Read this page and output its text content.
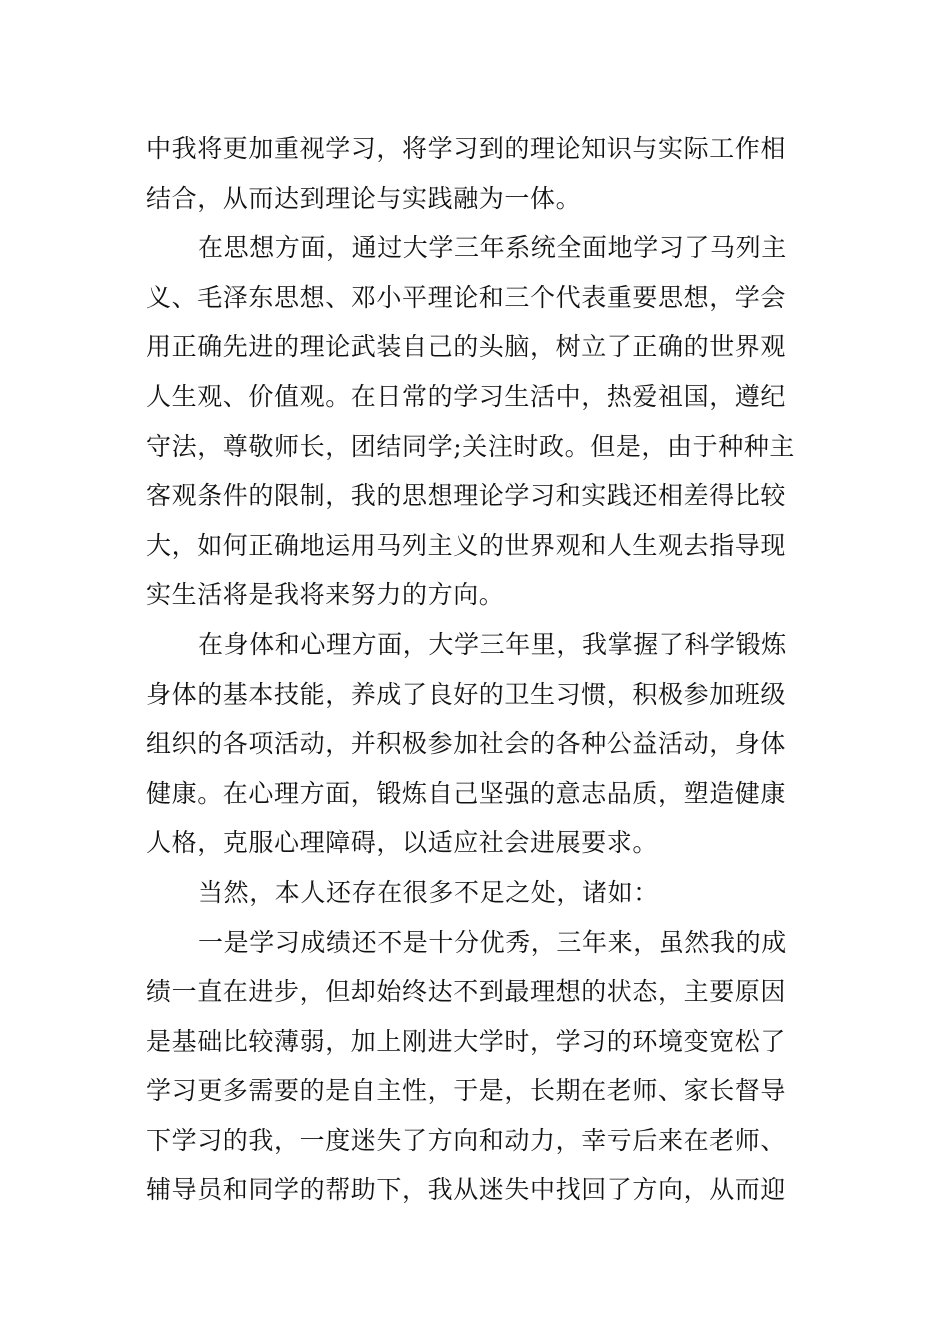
中我将更加重视学习，将学习到的理论知识与实际工作相
结合，从而达到理论与实践融为一体。
在思想方面，通过大学三年系统全面地学习了马列主
义、毛泽东思想、邓小平理论和三个代表重要思想，学会
用正确先进的理论武装自己的头脑，树立了正确的世界观
人生观、价值观。在日常的学习生活中，热爱祖国，遵纪
守法，尊敬师长，团结同学;关注时政。但是，由于种种主
客观条件的限制，我的思想理论学习和实践还相差得比较
大，如何正确地运用马列主义的世界观和人生观去指导现
实生活将是我将来努力的方向。
在身体和心理方面，大学三年里，我掌握了科学锻炼
身体的基本技能，养成了良好的卫生习惯，积极参加班级
组织的各项活动，并积极参加社会的各种公益活动，身体
健康。在心理方面，锻炼自己坚强的意志品质，塑造健康
人格，克服心理障碍，以适应社会进展要求。
当然，本人还存在很多不足之处，诸如：
一是学习成绩还不是十分优秀，三年来，虽然我的成
绩一直在进步，但却始终达不到最理想的状态，主要原因
是基础比较薄弱，加上刚进大学时，学习的环境变宽松了
学习更多需要的是自主性，于是，长期在老师、家长督导
下学习的我，一度迷失了方向和动力，幸亏后来在老师、
辅导员和同学的帮助下，我从迷失中找回了方向，从而迎
